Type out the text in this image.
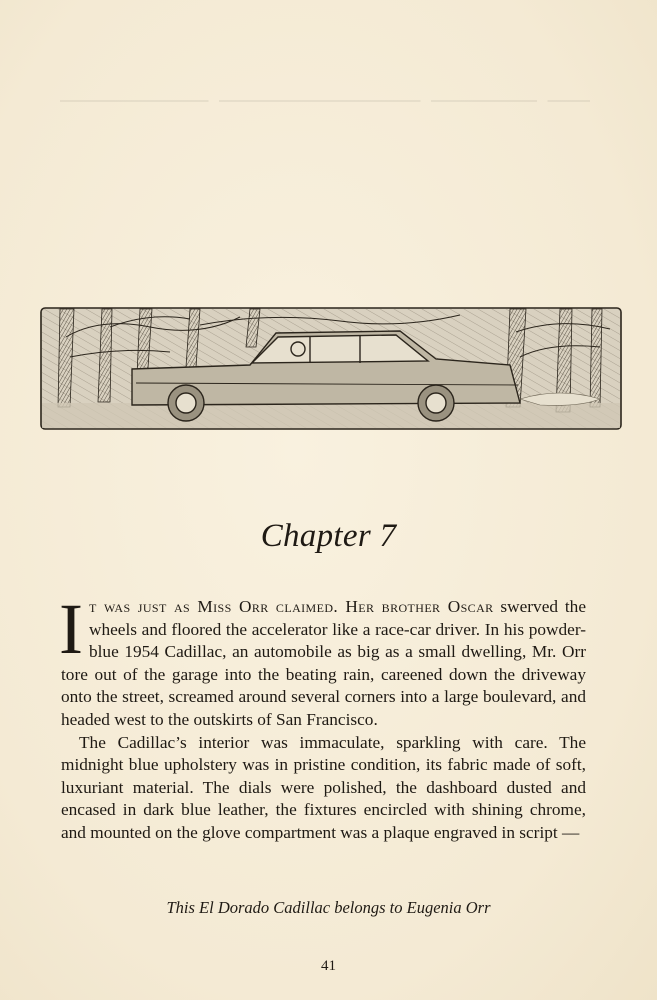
Chapter 7

It was just as Miss Orr claimed. Her brother Oscar swerved the wheels and floored the accelerator like a race-car driver. In his powder-blue 1954 Cadillac, an automobile as big as a small dwelling, Mr. Orr tore out of the garage into the beating rain, careened down the driveway onto the street, screamed around several corners into a large boulevard, and headed west to the outskirts of San Francisco.

The Cadillac’s interior was immaculate, sparkling with care. The midnight blue upholstery was in pristine condition, its fabric made of soft, luxuriant material. The dials were polished, the dashboard dusted and encased in dark blue leather, the fixtures encircled with shining chrome, and mounted on the glove compartment was a plaque engraved in script —

This El Dorado Cadillac belongs to Eugenia Orr
41
